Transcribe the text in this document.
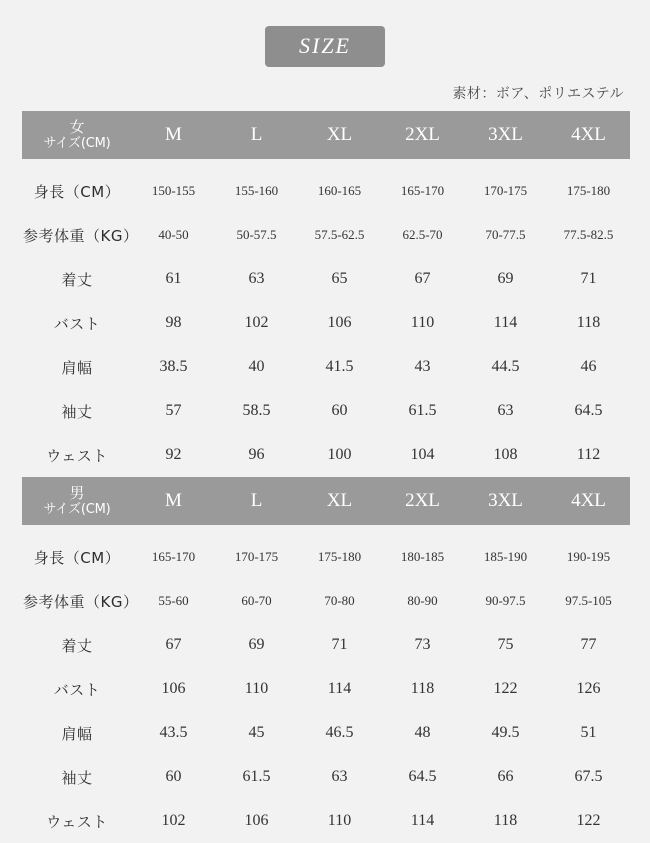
SIZE
素材：ボア、ポリエステル
女
サイズ(CM)	M	L	XL	2XL	3XL	4XL

身長（CM）	150-155	155-160	160-165	165-170	170-175	175-180
参考体重（KG）	40-50	50-57.5	57.5-62.5	62.5-70	70-77.5	77.5-82.5
着丈	61	63	65	67	69	71
バスト	98	102	106	110	114	118
肩幅	38.5	40	41.5	43	44.5	46
袖丈	57	58.5	60	61.5	63	64.5
ウェスト	92	96	100	104	108	112
男
サイズ(CM)	M	L	XL	2XL	3XL	4XL

身長（CM）	165-170	170-175	175-180	180-185	185-190	190-195
参考体重（KG）	55-60	60-70	70-80	80-90	90-97.5	97.5-105
着丈	67	69	71	73	75	77
バスト	106	110	114	118	122	126
肩幅	43.5	45	46.5	48	49.5	51
袖丈	60	61.5	63	64.5	66	67.5
ウェスト	102	106	110	114	118	122
